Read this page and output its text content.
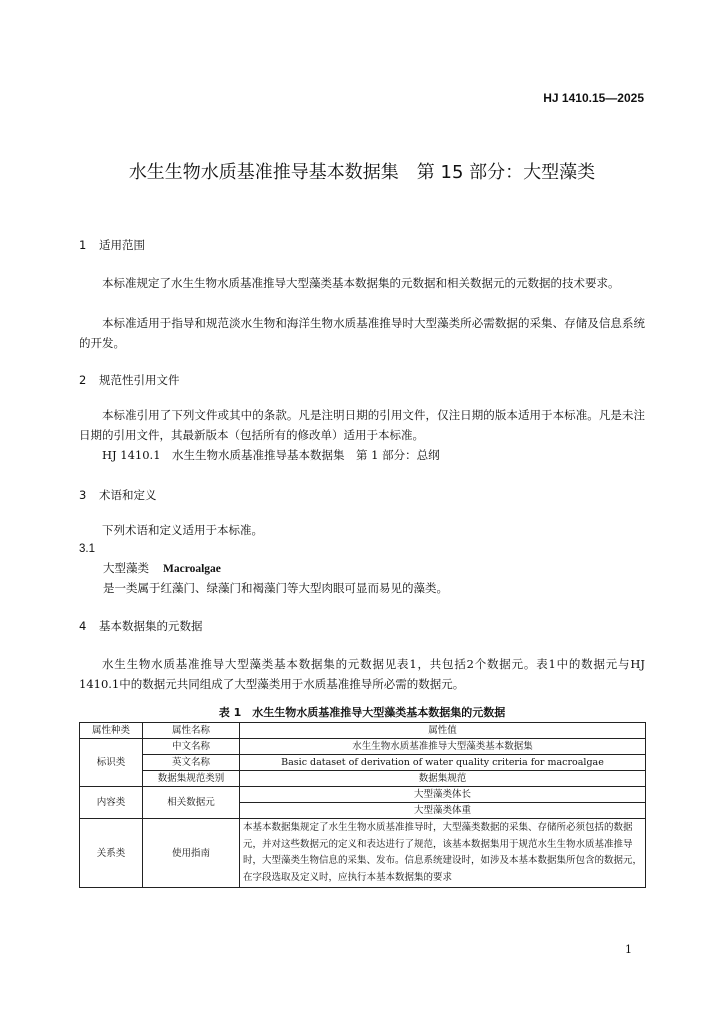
HJ 1410.15—2025
水生生物水质基准推导基本数据集　第 15 部分：大型藻类
1 适用范围
本标准规定了水生生物水质基准推导大型藻类基本数据集的元数据和相关数据元的元数据的技术要求。
本标准适用于指导和规范淡水生物和海洋生物水质基准推导时大型藻类所必需数据的采集、存储及信息系统的开发。
2 规范性引用文件
本标准引用了下列文件或其中的条款。凡是注明日期的引用文件，仅注日期的版本适用于本标准。凡是未注日期的引用文件，其最新版本（包括所有的修改单）适用于本标准。
HJ 1410.1　水生生物水质基准推导基本数据集　第 1 部分：总纲
3 术语和定义
下列术语和定义适用于本标准。
3.1
大型藻类 Macroalgae
是一类属于红藻门、绿藻门和褐藻门等大型肉眼可显而易见的藻类。
4 基本数据集的元数据
水生生物水质基准推导大型藻类基本数据集的元数据见表1，共包括2个数据元。表1中的数据元与HJ 1410.1中的数据元共同组成了大型藻类用于水质基准推导所必需的数据元。
表 1　水生生物水质基准推导大型藻类基本数据集的元数据
属性种类	属性名称	属性值
标识类	中文名称	水生生物水质基准推导大型藻类基本数据集
	英文名称	Basic dataset of derivation of water quality criteria for macroalgae
	数据集规范类别	数据集规范
内容类	相关数据元	大型藻类体长
		大型藻类体重
关系类	使用指南	本基本数据集规定了水生生物水质基准推导时，大型藻类数据的采集、存储所必须包括的数据元，并对这些数据元的定义和表达进行了规范，该基本数据集用于规范水生生物水质基准推导时，大型藻类生物信息的采集、发布。信息系统建设时，如涉及本基本数据集所包含的数据元，在字段选取及定义时，应执行本基本数据集的要求
1
